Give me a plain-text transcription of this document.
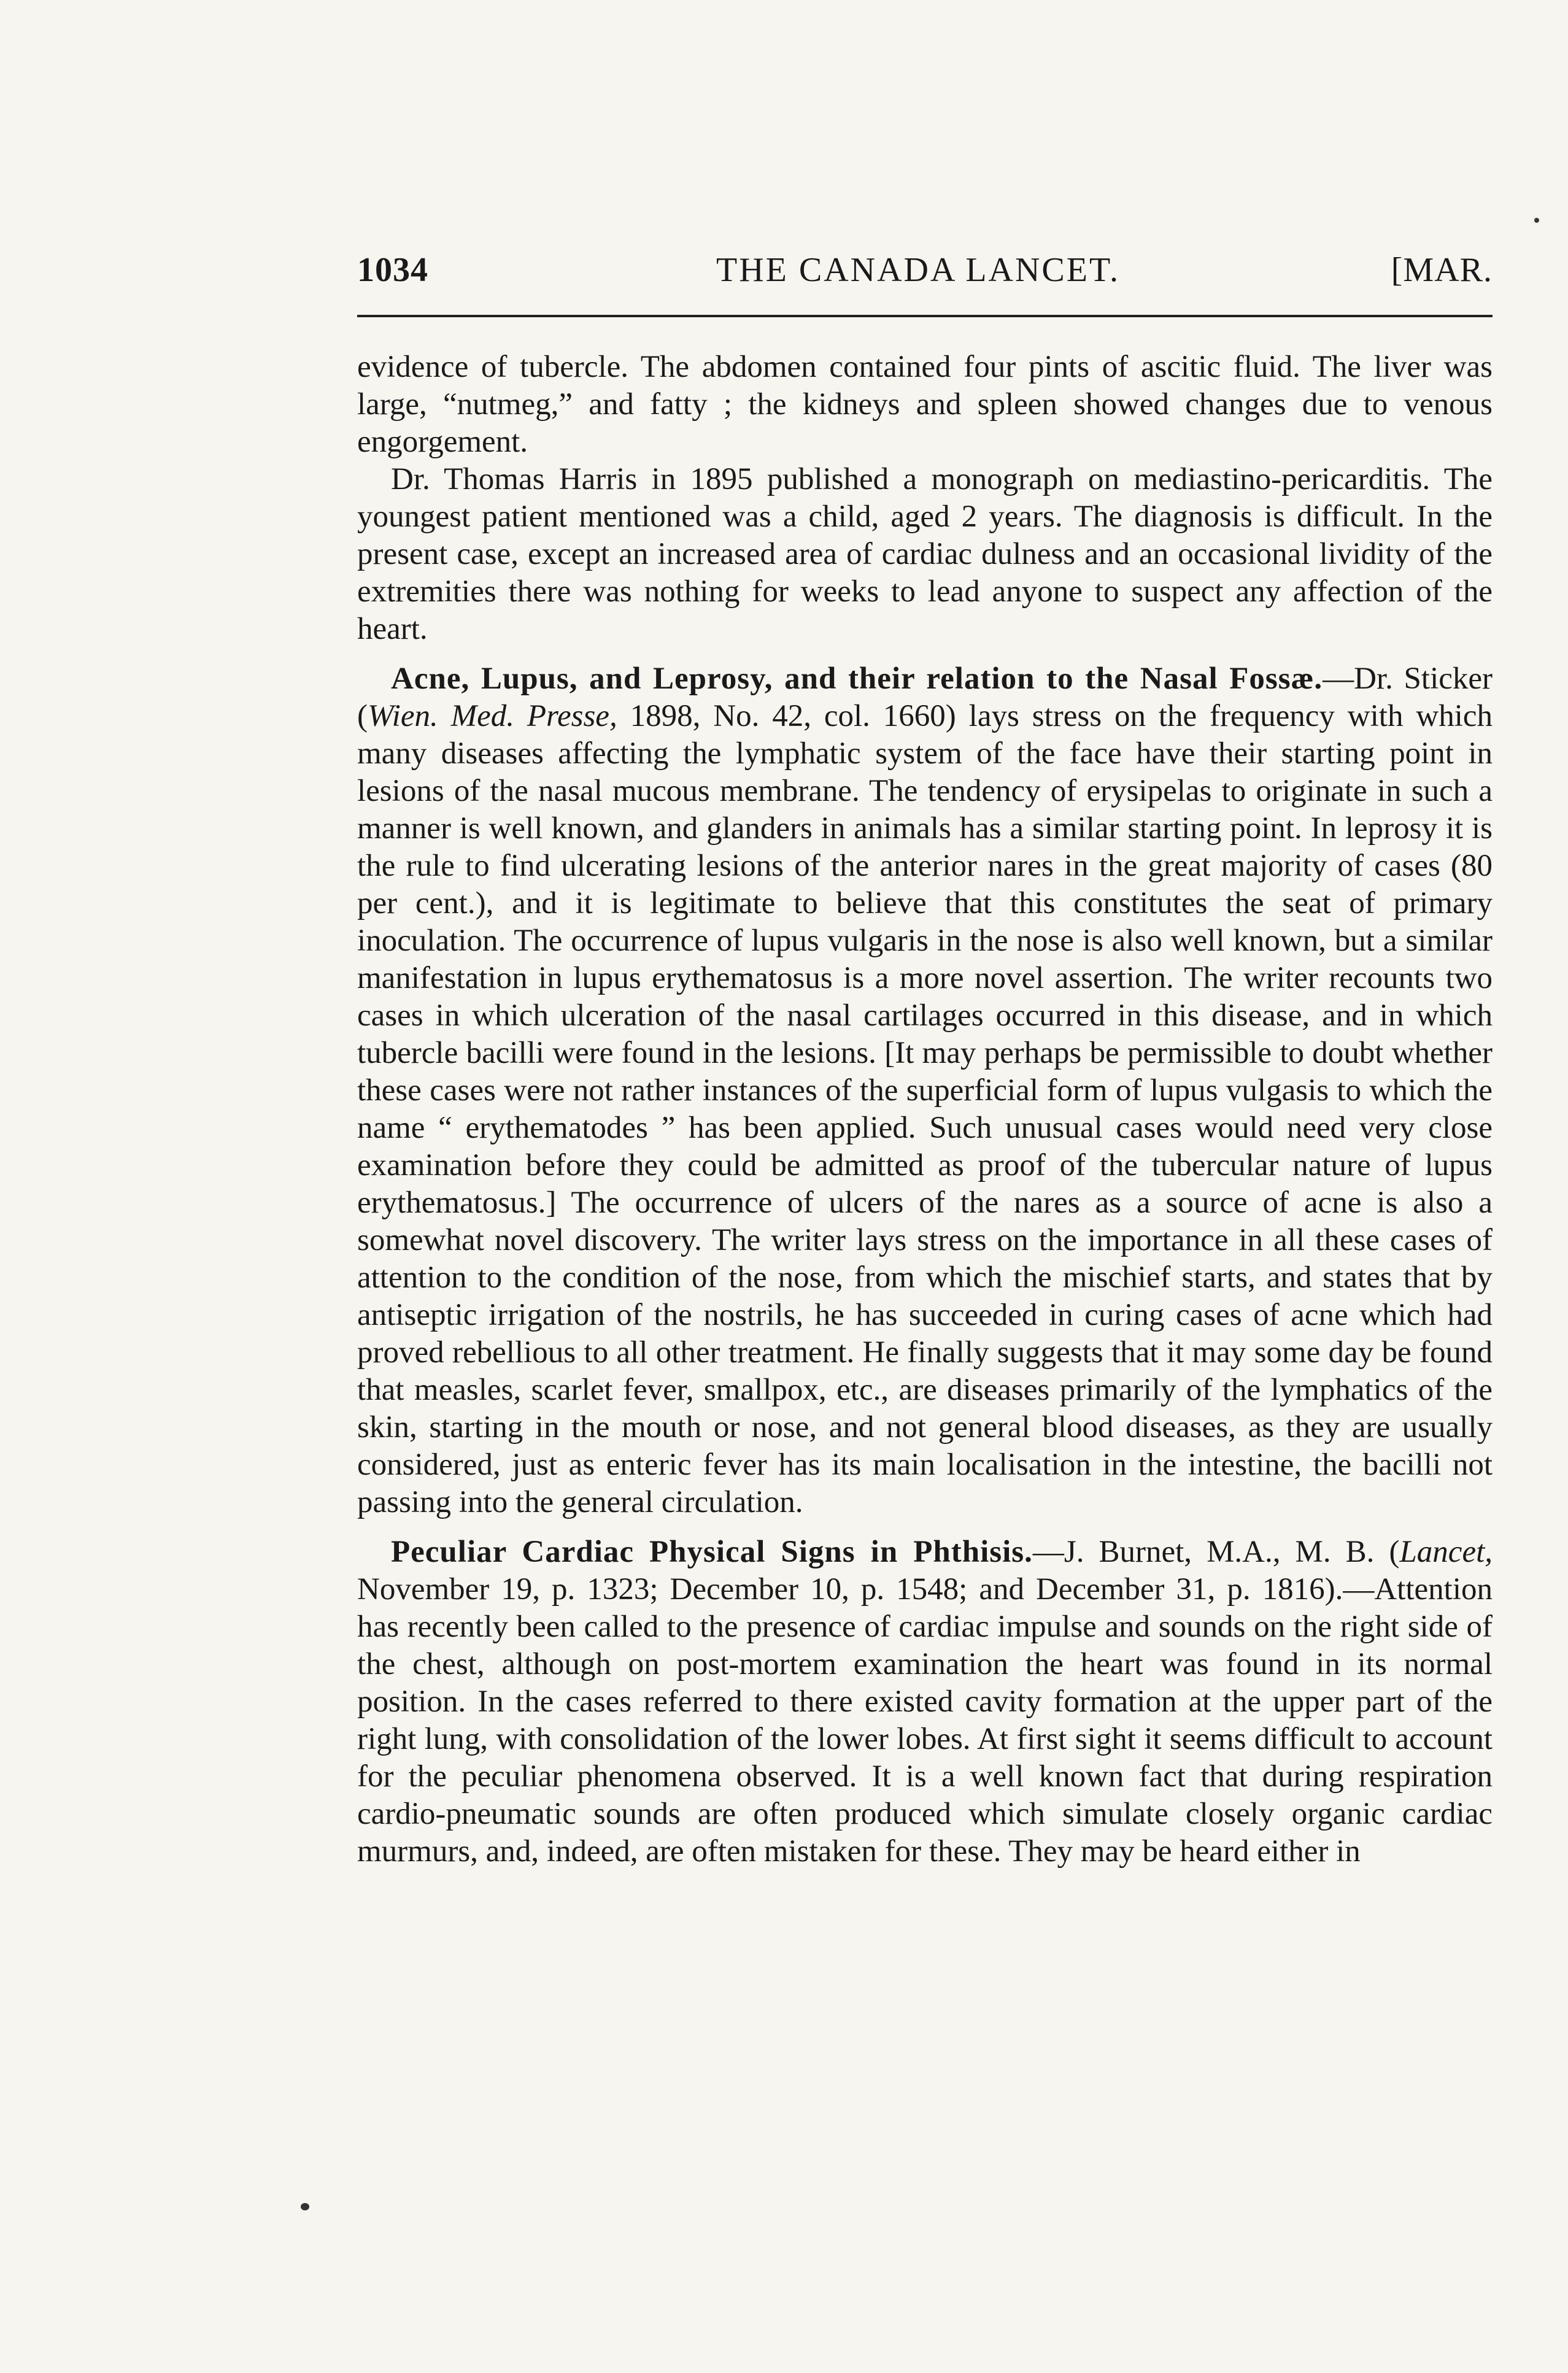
1034	THE CANADA LANCET.	[MAR.

evidence of tubercle. The abdomen contained four pints of ascitic fluid. The liver was large, “nutmeg,” and fatty ; the kidneys and spleen showed changes due to venous engorgement.

Dr. Thomas Harris in 1895 published a monograph on mediastino-pericarditis. The youngest patient mentioned was a child, aged 2 years. The diagnosis is difficult. In the present case, except an increased area of cardiac dulness and an occasional lividity of the extremities there was nothing for weeks to lead anyone to suspect any affection of the heart.

Acne, Lupus, and Leprosy, and their relation to the Nasal Fossæ.—Dr. Sticker (Wien. Med. Presse, 1898, No. 42, col. 1660) lays stress on the frequency with which many diseases affecting the lymphatic system of the face have their starting point in lesions of the nasal mucous membrane. The tendency of erysipelas to originate in such a manner is well known, and glanders in animals has a similar starting point. In leprosy it is the rule to find ulcerating lesions of the anterior nares in the great majority of cases (80 per cent.), and it is legitimate to believe that this constitutes the seat of primary inoculation. The occurrence of lupus vulgaris in the nose is also well known, but a similar manifestation in lupus erythematosus is a more novel assertion. The writer recounts two cases in which ulceration of the nasal cartilages occurred in this disease, and in which tubercle bacilli were found in the lesions. [It may perhaps be permissible to doubt whether these cases were not rather instances of the superficial form of lupus vulgasis to which the name “ erythematodes ” has been applied. Such unusual cases would need very close examination before they could be admitted as proof of the tubercular nature of lupus erythematosus.] The occurrence of ulcers of the nares as a source of acne is also a somewhat novel discovery. The writer lays stress on the importance in all these cases of attention to the condition of the nose, from which the mischief starts, and states that by antiseptic irrigation of the nostrils, he has succeeded in curing cases of acne which had proved rebellious to all other treatment. He finally suggests that it may some day be found that measles, scarlet fever, smallpox, etc., are diseases primarily of the lymphatics of the skin, starting in the mouth or nose, and not general blood diseases, as they are usually considered, just as enteric fever has its main localisation in the intestine, the bacilli not passing into the general circulation.

Peculiar Cardiac Physical Signs in Phthisis.—J. Burnet, M.A., M. B. (Lancet, November 19, p. 1323; December 10, p. 1548; and December 31, p. 1816).—Attention has recently been called to the presence of cardiac impulse and sounds on the right side of the chest, although on post-mortem examination the heart was found in its normal position. In the cases referred to there existed cavity formation at the upper part of the right lung, with consolidation of the lower lobes. At first sight it seems difficult to account for the peculiar phenomena observed. It is a well known fact that during respiration cardio-pneumatic sounds are often produced which simulate closely organic cardiac murmurs, and, indeed, are often mistaken for these. They may be heard either in
